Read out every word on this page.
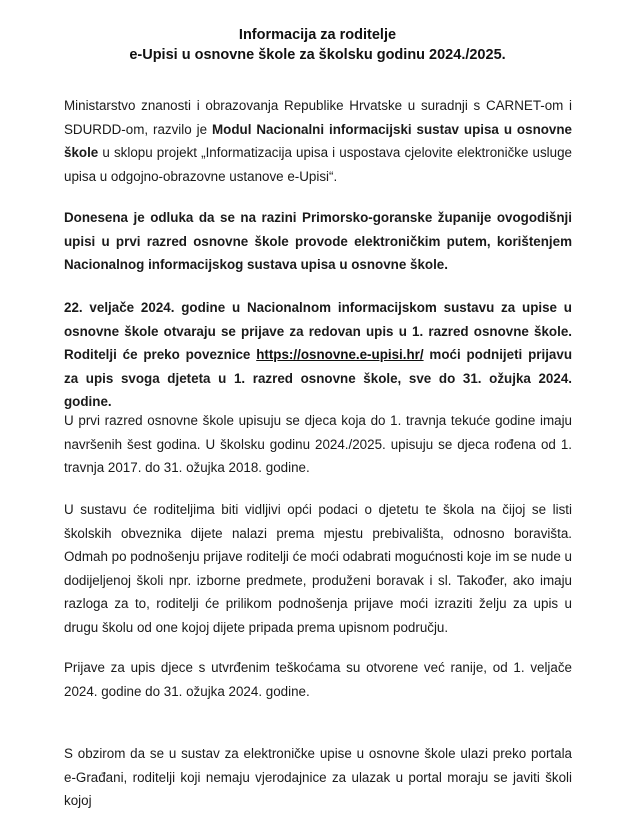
Informacija za roditelje
e-Upisi u osnovne škole za školsku godinu 2024./2025.

Ministarstvo znanosti i obrazovanja Republike Hrvatske u suradnji s CARNET-om i SDURDD-om, razvilo je Modul Nacionalni informacijski sustav upisa u osnovne škole u sklopu projekt „Informatizacija upisa i uspostava cjelovite elektroničke usluge upisa u odgojno-obrazovne ustanove e-Upisi“.

Donesena je odluka da se na razini Primorsko-goranske županije ovogodišnji upisi u prvi razred osnovne škole provode elektroničkim putem, korištenjem Nacionalnog informacijskog sustava upisa u osnovne škole.

22. veljače 2024. godine u Nacionalnom informacijskom sustavu za upise u osnovne škole otvaraju se prijave za redovan upis u 1. razred osnovne škole. Roditelji će preko poveznice https://osnovne.e-upisi.hr/ moći podnijeti prijavu za upis svoga djeteta u 1. razred osnovne škole, sve do 31. ožujka 2024. godine.

U prvi razred osnovne škole upisuju se djeca koja do 1. travnja tekuće godine imaju navršenih šest godina. U školsku godinu 2024./2025. upisuju se djeca rođena od 1. travnja 2017. do 31. ožujka 2018. godine.

U sustavu će roditeljima biti vidljivi opći podaci o djetetu te škola na čijoj se listi školskih obveznika dijete nalazi prema mjestu prebivališta, odnosno boravišta. Odmah po podnošenju prijave roditelji će moći odabrati mogućnosti koje im se nude u dodijeljenoj školi npr. izborne predmete, produženi boravak i sl. Također, ako imaju razloga za to, roditelji će prilikom podnošenja prijave moći izraziti želju za upis u drugu školu od one kojoj dijete pripada prema upisnom području.

Prijave za upis djece s utvrđenim teškoćama su otvorene već ranije, od 1. veljače 2024. godine do 31. ožujka 2024. godine.

S obzirom da se u sustav za elektroničke upise u osnovne škole ulazi preko portala e-Građani, roditelji koji nemaju vjerodajnice za ulazak u portal moraju se javiti školi kojoj
